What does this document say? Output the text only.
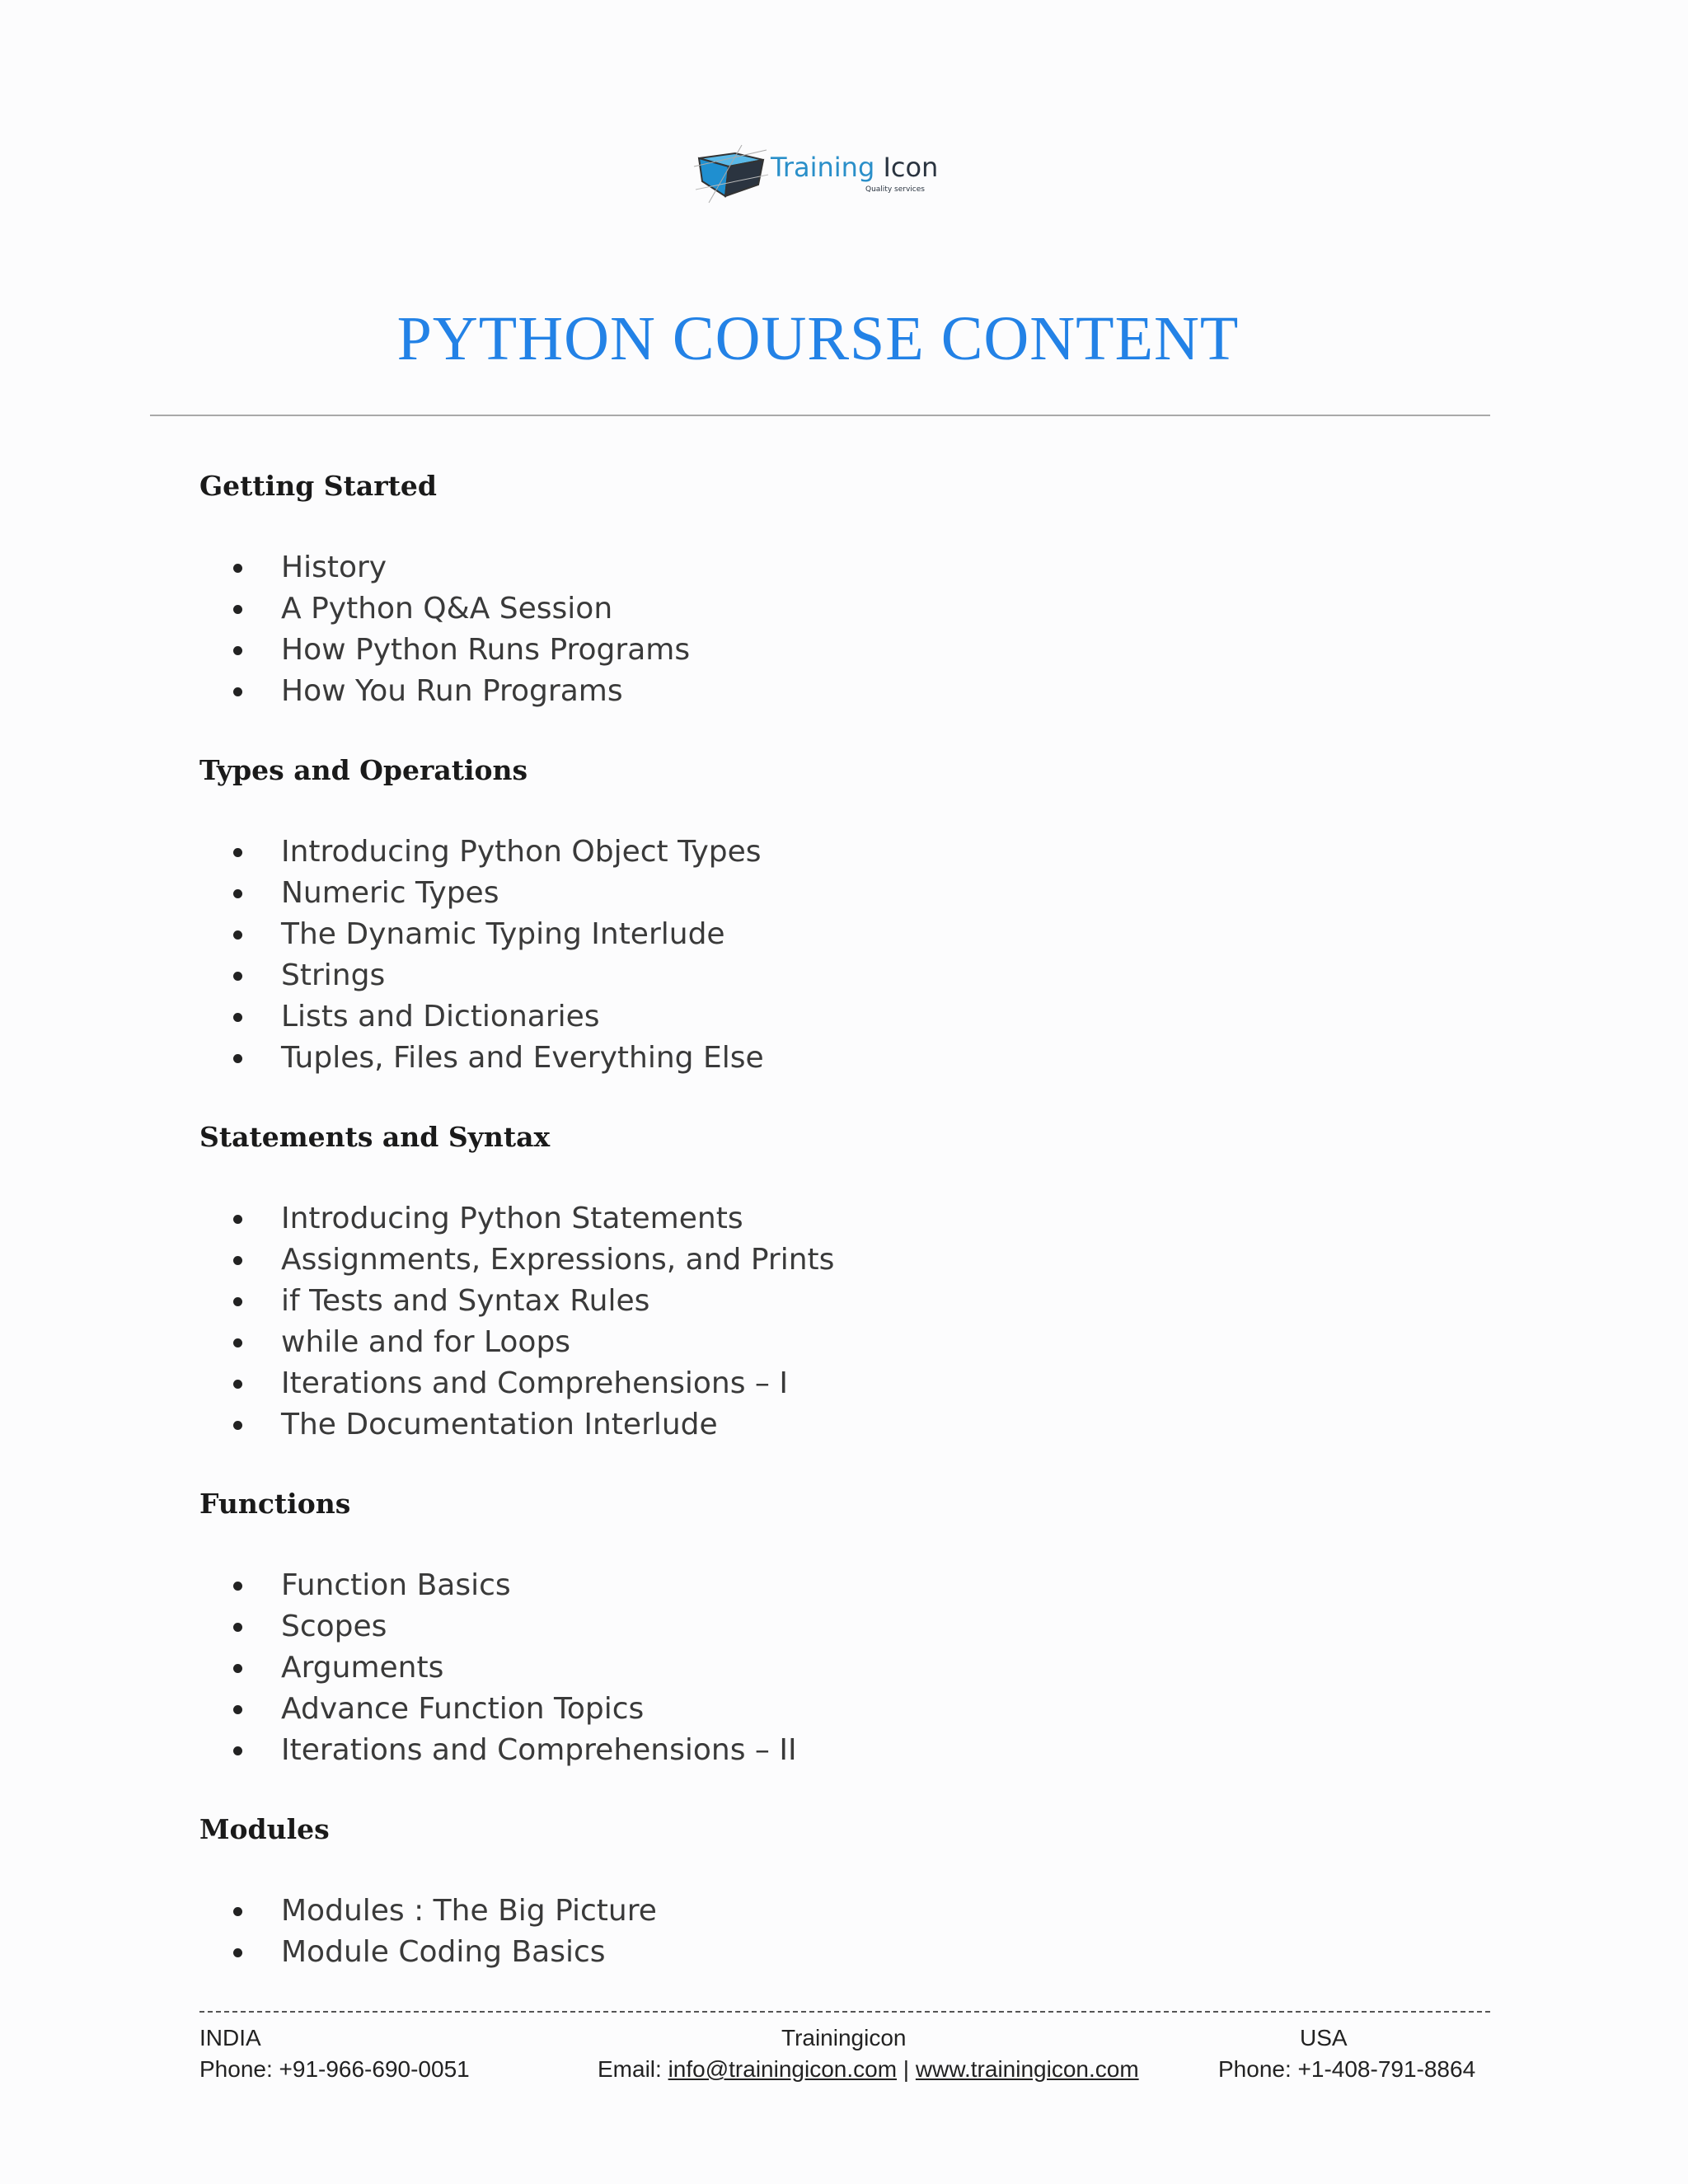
Training Icon
Quality services
PYTHON COURSE CONTENT
Getting Started
History
A Python Q&A Session
How Python Runs Programs
How You Run Programs
Types and Operations
Introducing Python Object Types
Numeric Types
The Dynamic Typing Interlude
Strings
Lists and Dictionaries
Tuples, Files and Everything Else
Statements and Syntax
Introducing Python Statements
Assignments, Expressions, and Prints
if Tests and Syntax Rules
while and for Loops
Iterations and Comprehensions – I
The Documentation Interlude
Functions
Function Basics
Scopes
Arguments
Advance Function Topics
Iterations and Comprehensions – II
Modules
Modules : The Big Picture
Module Coding Basics
INDIA
Phone: +91-966-690-0051
Trainingicon
Email: info@trainingicon.com | www.trainingicon.com
USA
Phone: +1-408-791-8864
